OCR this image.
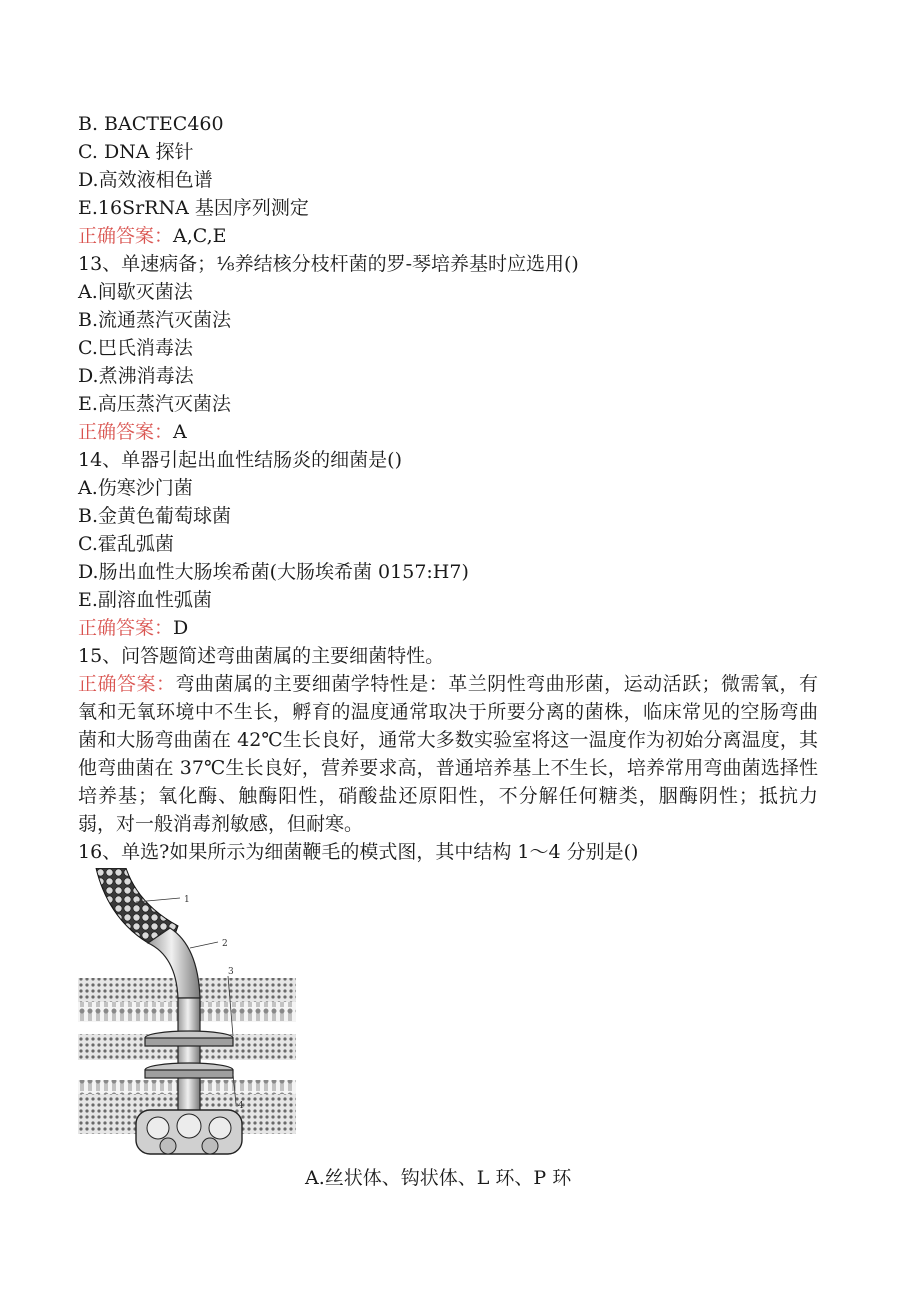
B. BACTEC460
C. DNA 探针
D.高效液相色谱
E.16SrRNA 基因序列测定
正确答案：A,C,E
13、单速病备；⅛养结核分枝杆菌的罗-琴培养基时应选用()
A.间歇灭菌法
B.流通蒸汽灭菌法
C.巴氏消毒法
D.煮沸消毒法
E.高压蒸汽灭菌法
正确答案：A
14、单器引起出血性结肠炎的细菌是()
A.伤寒沙门菌
B.金黄色葡萄球菌
C.霍乱弧菌
D.肠出血性大肠埃希菌(大肠埃希菌 0157:H7)
E.副溶血性弧菌
正确答案：D
15、问答题简述弯曲菌属的主要细菌特性。
正确答案：弯曲菌属的主要细菌学特性是：革兰阴性弯曲形菌，运动活跃；微需氧，有氧和无氧环境中不生长，孵育的温度通常取决于所要分离的菌株，临床常见的空肠弯曲菌和大肠弯曲菌在 42℃生长良好，通常大多数实验室将这一温度作为初始分离温度，其他弯曲菌在 37℃生长良好，营养要求高，普通培养基上不生长，培养常用弯曲菌选择性培养基；氧化酶、触酶阳性，硝酸盐还原阳性，不分解任何糖类，胭酶阴性；抵抗力弱，对一般消毒剂敏感，但耐寒。
16、单选?如果所示为细菌鞭毛的模式图，其中结构 1～4 分别是()
1
2
3
4
A.丝状体、钩状体、L 环、P 环
